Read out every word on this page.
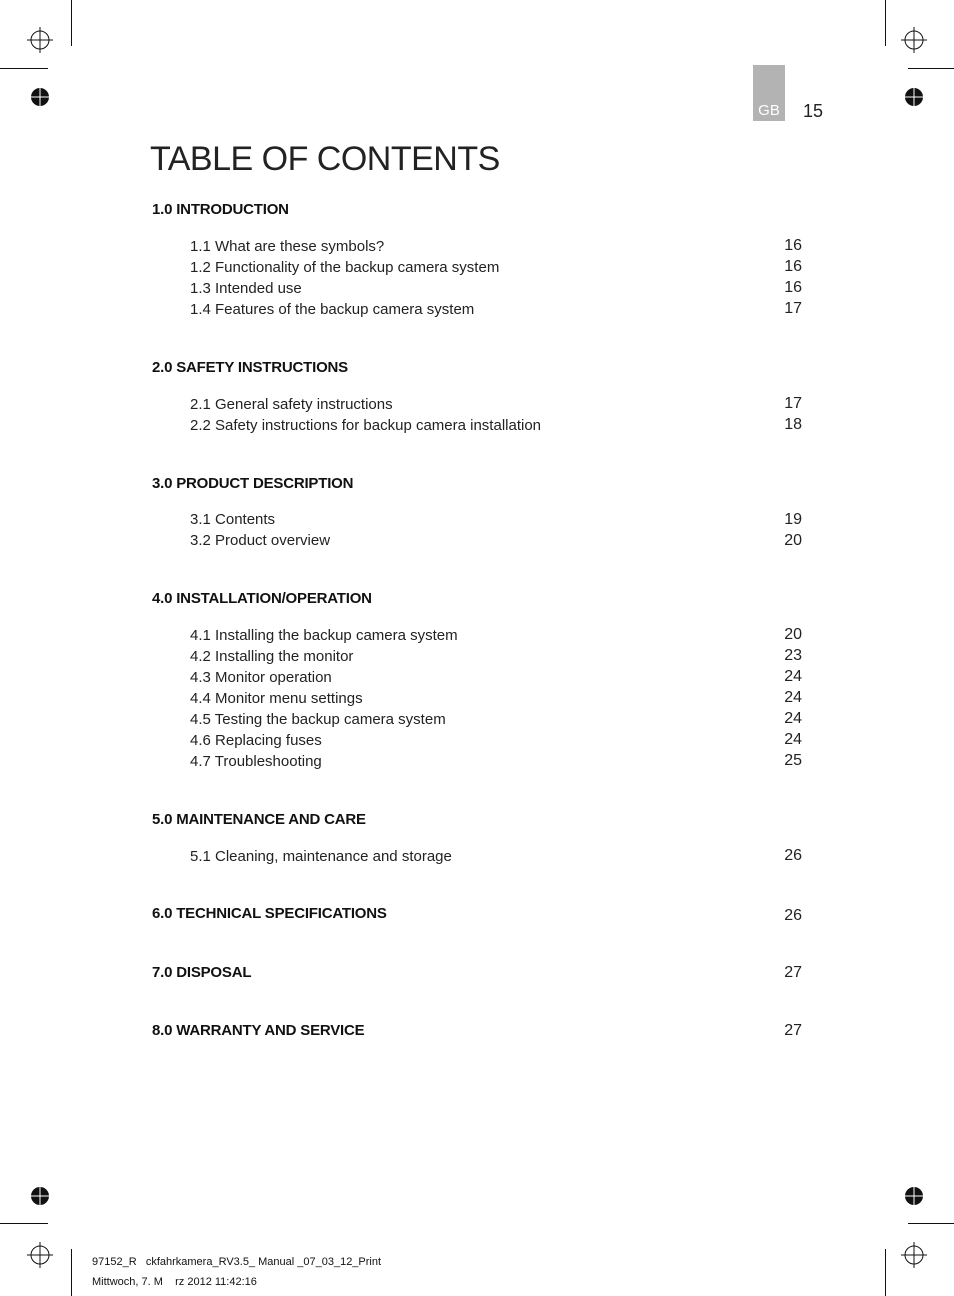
GB 15
TABLE OF CONTENTS
1.0 INTRODUCTION
1.1 What are these symbols?	16
1.2 Functionality of the backup camera system	16
1.3 Intended use	16
1.4 Features of the backup camera system	17
2.0 SAFETY INSTRUCTIONS
2.1 General safety instructions	17
2.2 Safety instructions for backup camera installation	18
3.0 PRODUCT DESCRIPTION
3.1 Contents	19
3.2 Product overview	20
4.0 INSTALLATION/OPERATION
4.1 Installing the backup camera system	20
4.2 Installing the monitor	23
4.3 Monitor operation	24
4.4 Monitor menu settings	24
4.5 Testing the backup camera system	24
4.6 Replacing fuses	24
4.7 Troubleshooting	25
5.0 MAINTENANCE AND CARE
5.1 Cleaning, maintenance and storage	26
6.0 TECHNICAL SPECIFICATIONS	26
7.0 DISPOSAL	27
8.0 WARRANTY AND SERVICE	27
97152_R   ckfahrkamera_RV3.5_ Manual _07_03_12_Print
Mittwoch, 7. M    rz 2012 11:42:16
